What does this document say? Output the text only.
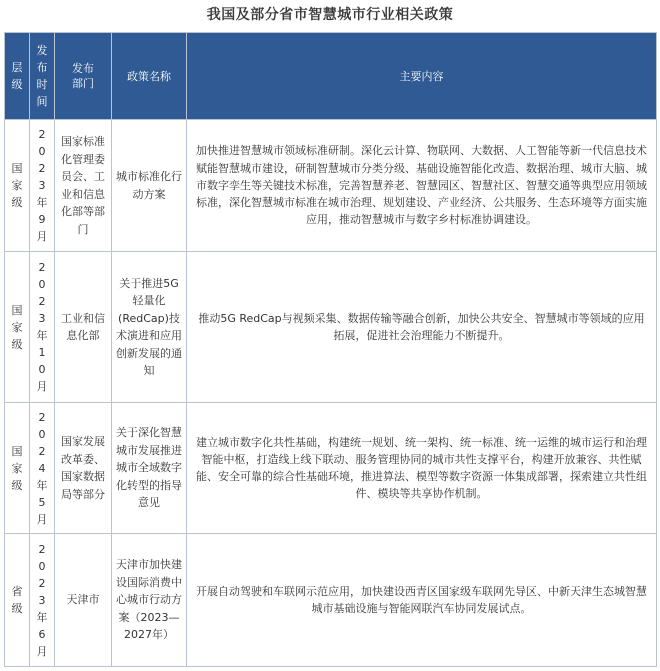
我国及部分省市智慧城市行业相关政策
层级	发布时间	发布部门	政策名称	主要内容

国家级	2023年9月	国家标准化管理委员会、工业和信息化部等部门	城市标准化行动方案	加快推进智慧城市领域标准研制。深化云计算、物联网、大数据、人工智能等新一代信息技术赋能智慧城市建设，研制智慧城市分类分级、基础设施智能化改造、数据治理、城市大脑、城市数字孪生等关键技术标准，完善智慧养老、智慧园区、智慧社区、智慧交通等典型应用领域标准，深化智慧城市标准在城市治理、规划建设、产业经济、公共服务、生态环境等方面实施应用，推动智慧城市与数字乡村标准协调建设。

国家级	2023年10月	工业和信息化部	关于推进5G轻量化(RedCap)技术演进和应用创新发展的通知	推动5G RedCap与视频采集、数据传输等融合创新，加快公共安全、智慧城市等领域的应用拓展，促进社会治理能力不断提升。

国家级	2024年5月	国家发展改革委、国家数据局等部分	关于深化智慧城市发展推进城市全域数字化转型的指导意见	建立城市数字化共性基础，构建统一规划、统一架构、统一标准、统一运维的城市运行和治理智能中枢，打造线上线下联动、服务管理协同的城市共性支撑平台，构建开放兼容、共性赋能、安全可靠的综合性基础环境，推进算法、模型等数字资源一体集成部署，探索建立共性组件、模块等共享协作机制。

省级	2023年6月	天津市	天津市加快建设国际消费中心城市行动方案（2023—2027年）	开展自动驾驶和车联网示范应用，加快建设西青区国家级车联网先导区、中新天津生态城智慧城市基础设施与智能网联汽车协同发展试点。
